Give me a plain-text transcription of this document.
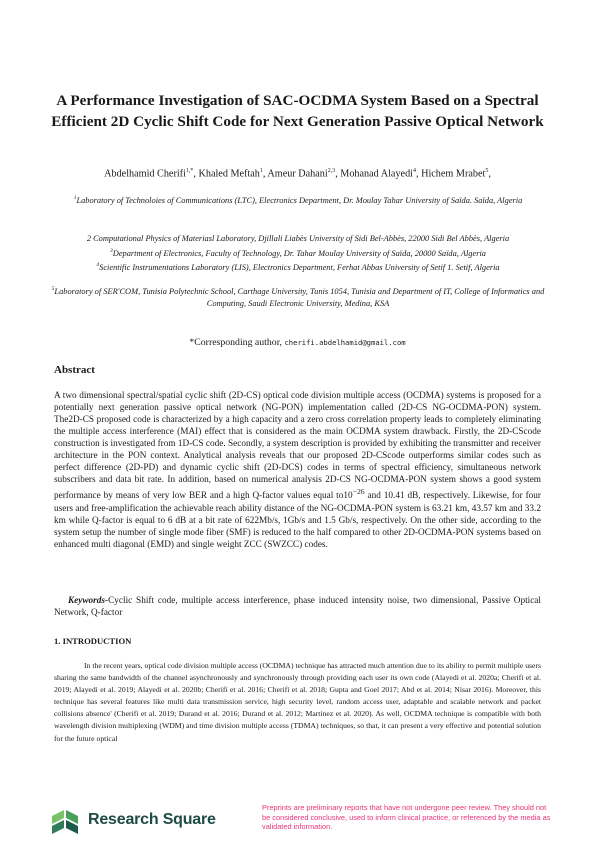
A Performance Investigation of SAC-OCDMA System Based on a Spectral Efficient 2D Cyclic Shift Code for Next Generation Passive Optical Network
Abdelhamid Cherifi$^{1,*}$, Khaled Meftah$^1$, Ameur Dahani$^{2,3}$, Mohanad Alayedi$^4$, Hichem Mrabet$^5$,

$^1$Laboratory of Technoloies of Communications (LTC), Electronics Department, Dr. Moulay Tahar University of Saïda. Saïda, Algeria

2 Computational Physics of Materiasl Laboratory, Djillali Liabès University of Sidi Bel-Abbès, 22000 Sidi Bel Abbès, Algeria

$^3$Department of Electronics, Faculty of Technology, Dr. Tahar Moulay University of Saïda, 20000 Saïda, Algeria

$^4$Scientific Instrumentations Laboratory (LIS), Electronics Department, Ferhat Abbas University of Setif 1. Setif, Algeria

$^5$Laboratory of SER'COM, Tunisia Polytechnic School, Carthage University, Tunis 1054, Tunisia and Department of IT, College of Informatics and Computing, Saudi Electronic University, Medina, KSA

*Corresponding author, cherifi.abdelhamid@gmail.com
Abstract

A two dimensional spectral/spatial cyclic shift (2D-CS) optical code division multiple access (OCDMA) systems is proposed for a potentially next generation passive optical network (NG-PON) implementation called (2D-CS NG-OCDMA-PON) system. The2D-CS proposed code is characterized by a high capacity and a zero cross correlation property leads to completely eliminating the multiple access interference (MAI) effect that is considered as the main OCDMA system drawback. Firstly, the 2D-CScode construction is investigated from 1D-CS code. Secondly, a system description is provided by exhibiting the transmitter and receiver architecture in the PON context. Analytical analysis reveals that our proposed 2D-CScode outperforms similar codes such as perfect difference (2D-PD) and dynamic cyclic shift (2D-DCS) codes in terms of spectral efficiency, simultaneous network subscribers and data bit rate. In addition, based on numerical analysis 2D-CS NG-OCDMA-PON system shows a good system performance by means of very low BER and a high Q-factor values equal $to10^{-26}$ and 10.41 dB, respectively. Likewise, for four users and free-amplification the achievable reach ability distance of the NG-OCDMA-PON system is 63.21 km, 43.57 km and 33.2 km while Q-factor is equal to 6 dB at a bit rate of 622Mb/s, 1Gb/s and 1.5 Gb/s, respectively. On the other side, according to the system setup the number of single mode fiber (SMF) is reduced to the half compared to other 2D-OCDMA-PON systems based on enhanced multi diagonal (EMD) and single weight ZCC (SWZCC) codes.

Keywords-Cyclic Shift code, multiple access interference, phase induced intensity noise, two dimensional, Passive Optical Network, Q-factor

1. INTRODUCTION

In the recent years, optical code division multiple access (OCDMA) technique has attracted much attention due to its ability to permit multiple users sharing the same bandwidth of the channel asynchronously and synchronously through providing each user its own code (Alayedi et al. 2020a; Cherifi et al. 2019; Alayedi et al. 2019; Alayedi et al. 2020b; Cherifi et al. 2016; Cherifi et al. 2018; Gupta and Goel 2017; Abd et al. 2014; Nisar 2016). Moreover, this technique has several features like multi data transmission service, high security level, random access user, adaptable and scalable network and packet collisions absence' (Cherifi et al. 2019; Durand et al. 2016; Durand et al. 2012; Martinez et al. 2020). As well, OCDMA technique is compatible with both wavelength division multiplexing (WDM) and time division multiple access (TDMA) techniques, so that, it can present a very effective and potential solution for the future optical

Research Square
Preprints are preliminary reports that have not undergone peer review. They should not be considered conclusive, used to inform clinical practice, or referenced by the media as validated information.
